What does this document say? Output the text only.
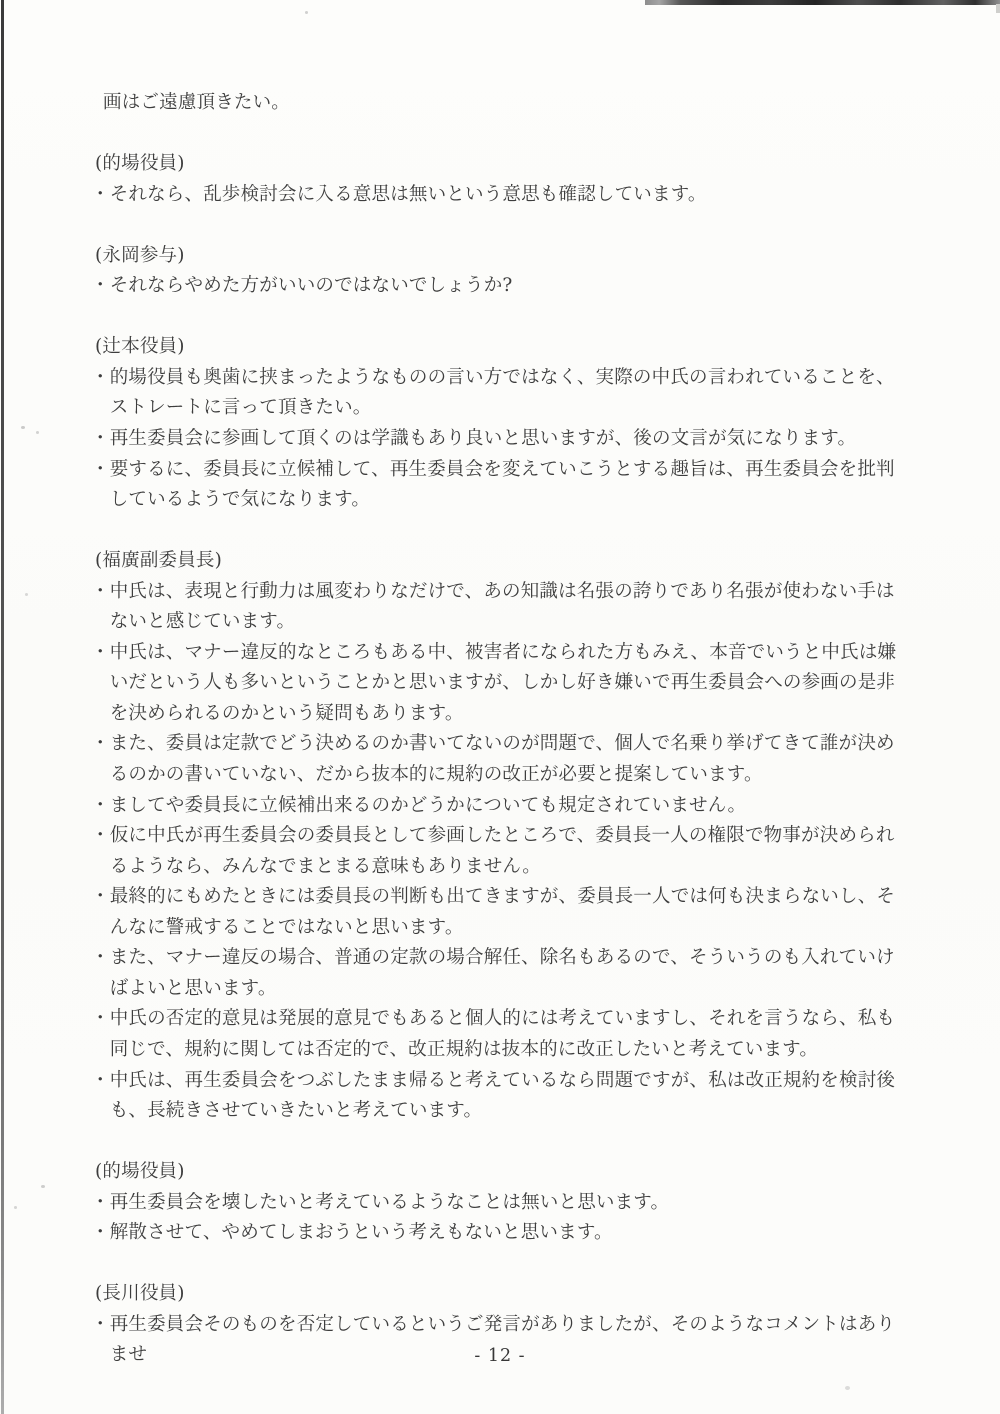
画はご遠慮頂きたい。

(的場役員)

・ それなら、乱歩検討会に入る意思は無いという意思も確認しています。

(永岡参与)

・ それならやめた方がいいのではないでしょうか?

(辻本役員)

・ 的場役員も奥歯に挟まったようなものの言い方ではなく、実際の中氏の言われていることを、ストレートに言って頂きたい。
・ 再生委員会に参画して頂くのは学識もあり良いと思いますが、後の文言が気になります。
・ 要するに、委員長に立候補して、再生委員会を変えていこうとする趣旨は、再生委員会を批判しているようで気になります。

(福廣副委員長)

・ 中氏は、表現と行動力は風変わりなだけで、あの知識は名張の誇りであり名張が使わない手はないと感じています。
・ 中氏は、マナー違反的なところもある中、被害者になられた方もみえ、本音でいうと中氏は嫌いだという人も多いということかと思いますが、しかし好き嫌いで再生委員会への参画の是非を決められるのかという疑問もあります。
・ また、委員は定款でどう決めるのか書いてないのが問題で、個人で名乗り挙げてきて誰が決めるのかの書いていない、だから抜本的に規約の改正が必要と提案しています。
・ ましてや委員長に立候補出来るのかどうかについても規定されていません。
・ 仮に中氏が再生委員会の委員長として参画したところで、委員長一人の権限で物事が決められるようなら、みんなでまとまる意味もありません。
・ 最終的にもめたときには委員長の判断も出てきますが、委員長一人では何も決まらないし、そんなに警戒することではないと思います。
・ また、マナー違反の場合、普通の定款の場合解任、除名もあるので、そういうのも入れていけばよいと思います。
・ 中氏の否定的意見は発展的意見でもあると個人的には考えていますし、それを言うなら、私も同じで、規約に関しては否定的で、改正規約は抜本的に改正したいと考えています。
・ 中氏は、再生委員会をつぶしたまま帰ると考えているなら問題ですが、私は改正規約を検討後も、長続きさせていきたいと考えています。

(的場役員)

・ 再生委員会を壊したいと考えているようなことは無いと思います。
・ 解散させて、やめてしまおうという考えもないと思います。

(長川役員)

・ 再生委員会そのものを否定しているというご発言がありましたが、そのようなコメントはありませ	- 12 -
